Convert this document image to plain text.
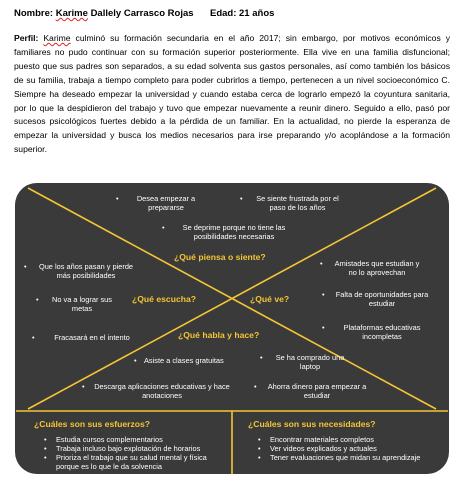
Nombre: Karime Dallely Carrasco Rojas Edad: 21 años
Perfil: Karime culminó su formación secundaria en el año 2017; sin embargo, por motivos económicos y familiares no pudo continuar con su formación superior posteriormente. Ella vive en una familia disfuncional; puesto que sus padres son separados, a su edad solventa sus gastos personales, así como también los básicos de su familia, trabaja a tiempo completo para poder cubrirlos a tiempo, pertenecen a un nivel socioeconómico C. Siempre ha deseado empezar la universidad y cuando estaba cerca de lograrlo empezó la coyuntura sanitaria, por lo que la despidieron del trabajo y tuvo que empezar nuevamente a reunir dinero. Seguido a ello, pasó por sucesos psicológicos fuertes debido a la pérdida de un familiar. En la actualidad, no pierde la esperanza de empezar la universidad y busca los medios necesarios para irse preparando y/o acoplándose a la formación superior.
• Desea empezar a prepararse
• Se siente frustrada por el paso de los años
• Se deprime porque no tiene las posibilidades necesarias
¿Qué piensa o siente?
• Que los años pasan y pierde más posibilidades
• No va a lograr sus metas
• Fracasará en el intento
¿Qué escucha?
• Amistades que estudian y no lo aprovechan
• Falta de oportunidades para estudiar
• Plataformas educativas incompletas
¿Qué ve?
¿Qué habla y hace?
• Asiste a clases gratuitas
•	Se ha comprado una laptop
• Descarga aplicaciones educativas y hace anotaciones
• Ahorra dinero para empezar a estudiar
¿Cuáles son sus esfuerzos?
• Estudia cursos complementarios
• Trabaja incluso bajo explotación de horarios
• Prioriza el trabajo que su salud mental y física porque es lo que le da solvencia
¿Cuáles son sus necesidades?
• Encontrar materiales completos
• Ver videos explicados y actuales
• Tener evaluaciones que midan su aprendizaje
